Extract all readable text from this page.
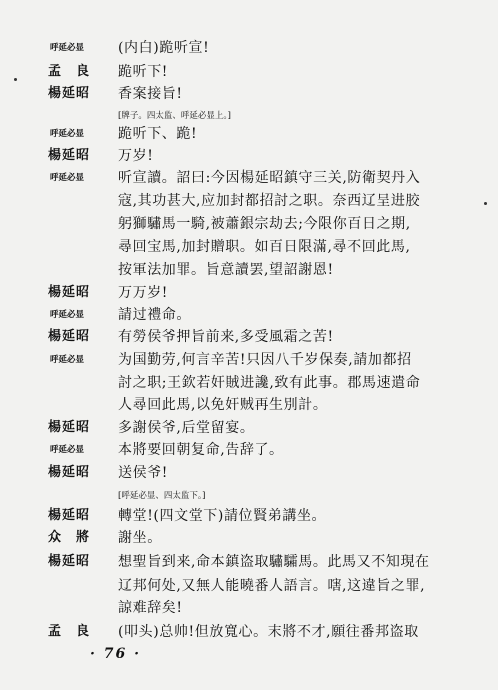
呼延必显	(内白)跪听宣!
孟　良	跪听下!
楊延昭	香案接旨!
[牌子。四太监、呼延必显上。]
呼延必显	跪听下、跪!
楊延昭	万岁!
呼延必显	听宣讀。詔曰:今因楊延昭鎮守三关,防衛契丹入
寇,其功甚大,应加封都招討之职。奈西辽呈进胶
躬獅驌馬一騎,被蕭銀宗劫去;今限你百日之期,
尋回宝馬,加封贈职。如百日限滿,尋不回此馬,
按軍法加罪。旨意讀罢,望詔謝恩!
楊延昭	万万岁!
呼延必显	請过禮命。
楊延昭	有勞侯爷押旨前来,多受風霜之苦!
呼延必显	为国勤劳,何言辛苦!只因八千岁保奏,請加都招
討之职;王欽若奸賊进讒,致有此事。郡馬速遣命
人尋回此馬,以免奸贼再生別計。
楊延昭	多謝侯爷,后堂留宴。
呼延必显	本將要回朝复命,告辞了。
楊延昭	送侯爷!
[呼延必显、四太监下。]
楊延昭	轉堂!(四文堂下)請位賢弟講坐。
众　將	謝坐。
楊延昭	想聖旨到来,命本鎮盗取驌驦馬。此馬又不知現在
辽邦何处,又無人能曉番人語言。嗐,这違旨之罪,
諒难辞矣!
孟　良	(叩头)总帅!但放寬心。末將不才,願往番邦盗取
· 76 ·
